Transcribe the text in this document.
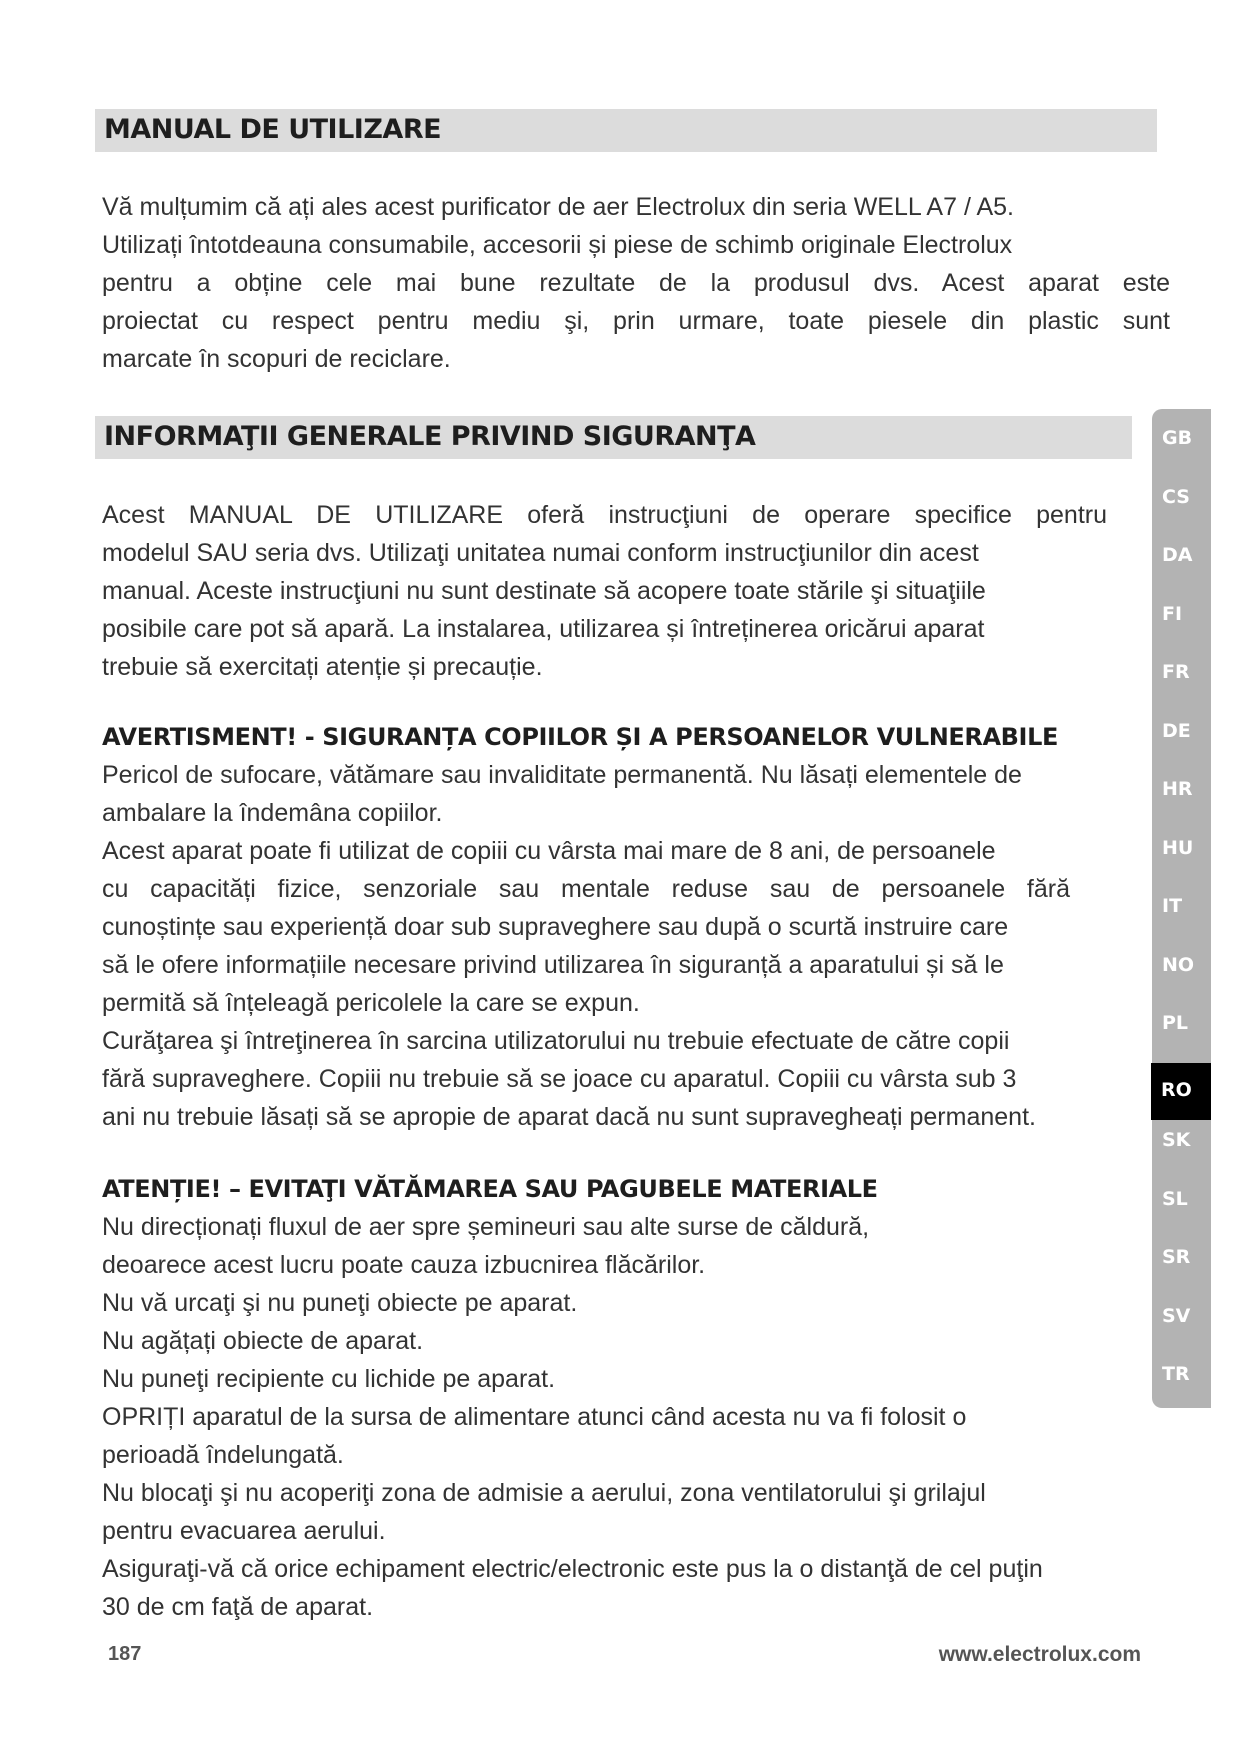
MANUAL DE UTILIZARE
Vă mulțumim că ați ales acest purificator de aer Electrolux din seria WELL A7 / A5.
Utilizați întotdeauna consumabile, accesorii și piese de schimb originale Electrolux
pentru a obține cele mai bune rezultate de la produsul dvs. Acest aparat este
proiectat cu respect pentru mediu şi, prin urmare, toate piesele din plastic sunt
marcate în scopuri de reciclare.
INFORMAŢII GENERALE PRIVIND SIGURANŢA
Acest MANUAL DE UTILIZARE oferă instrucţiuni de operare specifice pentru
modelul SAU seria dvs. Utilizaţi unitatea numai conform instrucţiunilor din acest
manual. Aceste instrucţiuni nu sunt destinate să acopere toate stările şi situaţiile
posibile care pot să apară. La instalarea, utilizarea și întreținerea oricărui aparat
trebuie să exercitați atenție și precauție.
AVERTISMENT! - SIGURANȚA COPIILOR ȘI A PERSOANELOR VULNERABILE
Pericol de sufocare, vătămare sau invaliditate permanentă. Nu lăsați elementele de
ambalare la îndemâna copiilor.
Acest aparat poate fi utilizat de copiii cu vârsta mai mare de 8 ani, de persoanele
cu capacități fizice, senzoriale sau mentale reduse sau de persoanele fără
cunoștințe sau experiență doar sub supraveghere sau după o scurtă instruire care
să le ofere informațiile necesare privind utilizarea în siguranță a aparatului și să le
permită să înțeleagă pericolele la care se expun.
Curăţarea şi întreţinerea în sarcina utilizatorului nu trebuie efectuate de către copii
fără supraveghere. Copiii nu trebuie să se joace cu aparatul. Copiii cu vârsta sub 3
ani nu trebuie lăsați să se apropie de aparat dacă nu sunt supravegheați permanent.
ATENȚIE! – EVITAŢI VĂTĂMAREA SAU PAGUBELE MATERIALE
Nu direcționați fluxul de aer spre șemineuri sau alte surse de căldură,
deoarece acest lucru poate cauza izbucnirea flăcărilor.
Nu vă urcaţi şi nu puneţi obiecte pe aparat.
Nu agățați obiecte de aparat.
Nu puneţi recipiente cu lichide pe aparat.
OPRIȚI aparatul de la sursa de alimentare atunci când acesta nu va fi folosit o
perioadă îndelungată.
Nu blocaţi şi nu acoperiţi zona de admisie a aerului, zona ventilatorului şi grilajul
pentru evacuarea aerului.
Asiguraţi-vă că orice echipament electric/electronic este pus la o distanţă de cel puţin
30 de cm faţă de aparat.
GB
CS
DA
FI
FR
DE
HR
HU
IT
NO
PL
RO
SK
SL
SR
SV
TR
187	www.electrolux.com
